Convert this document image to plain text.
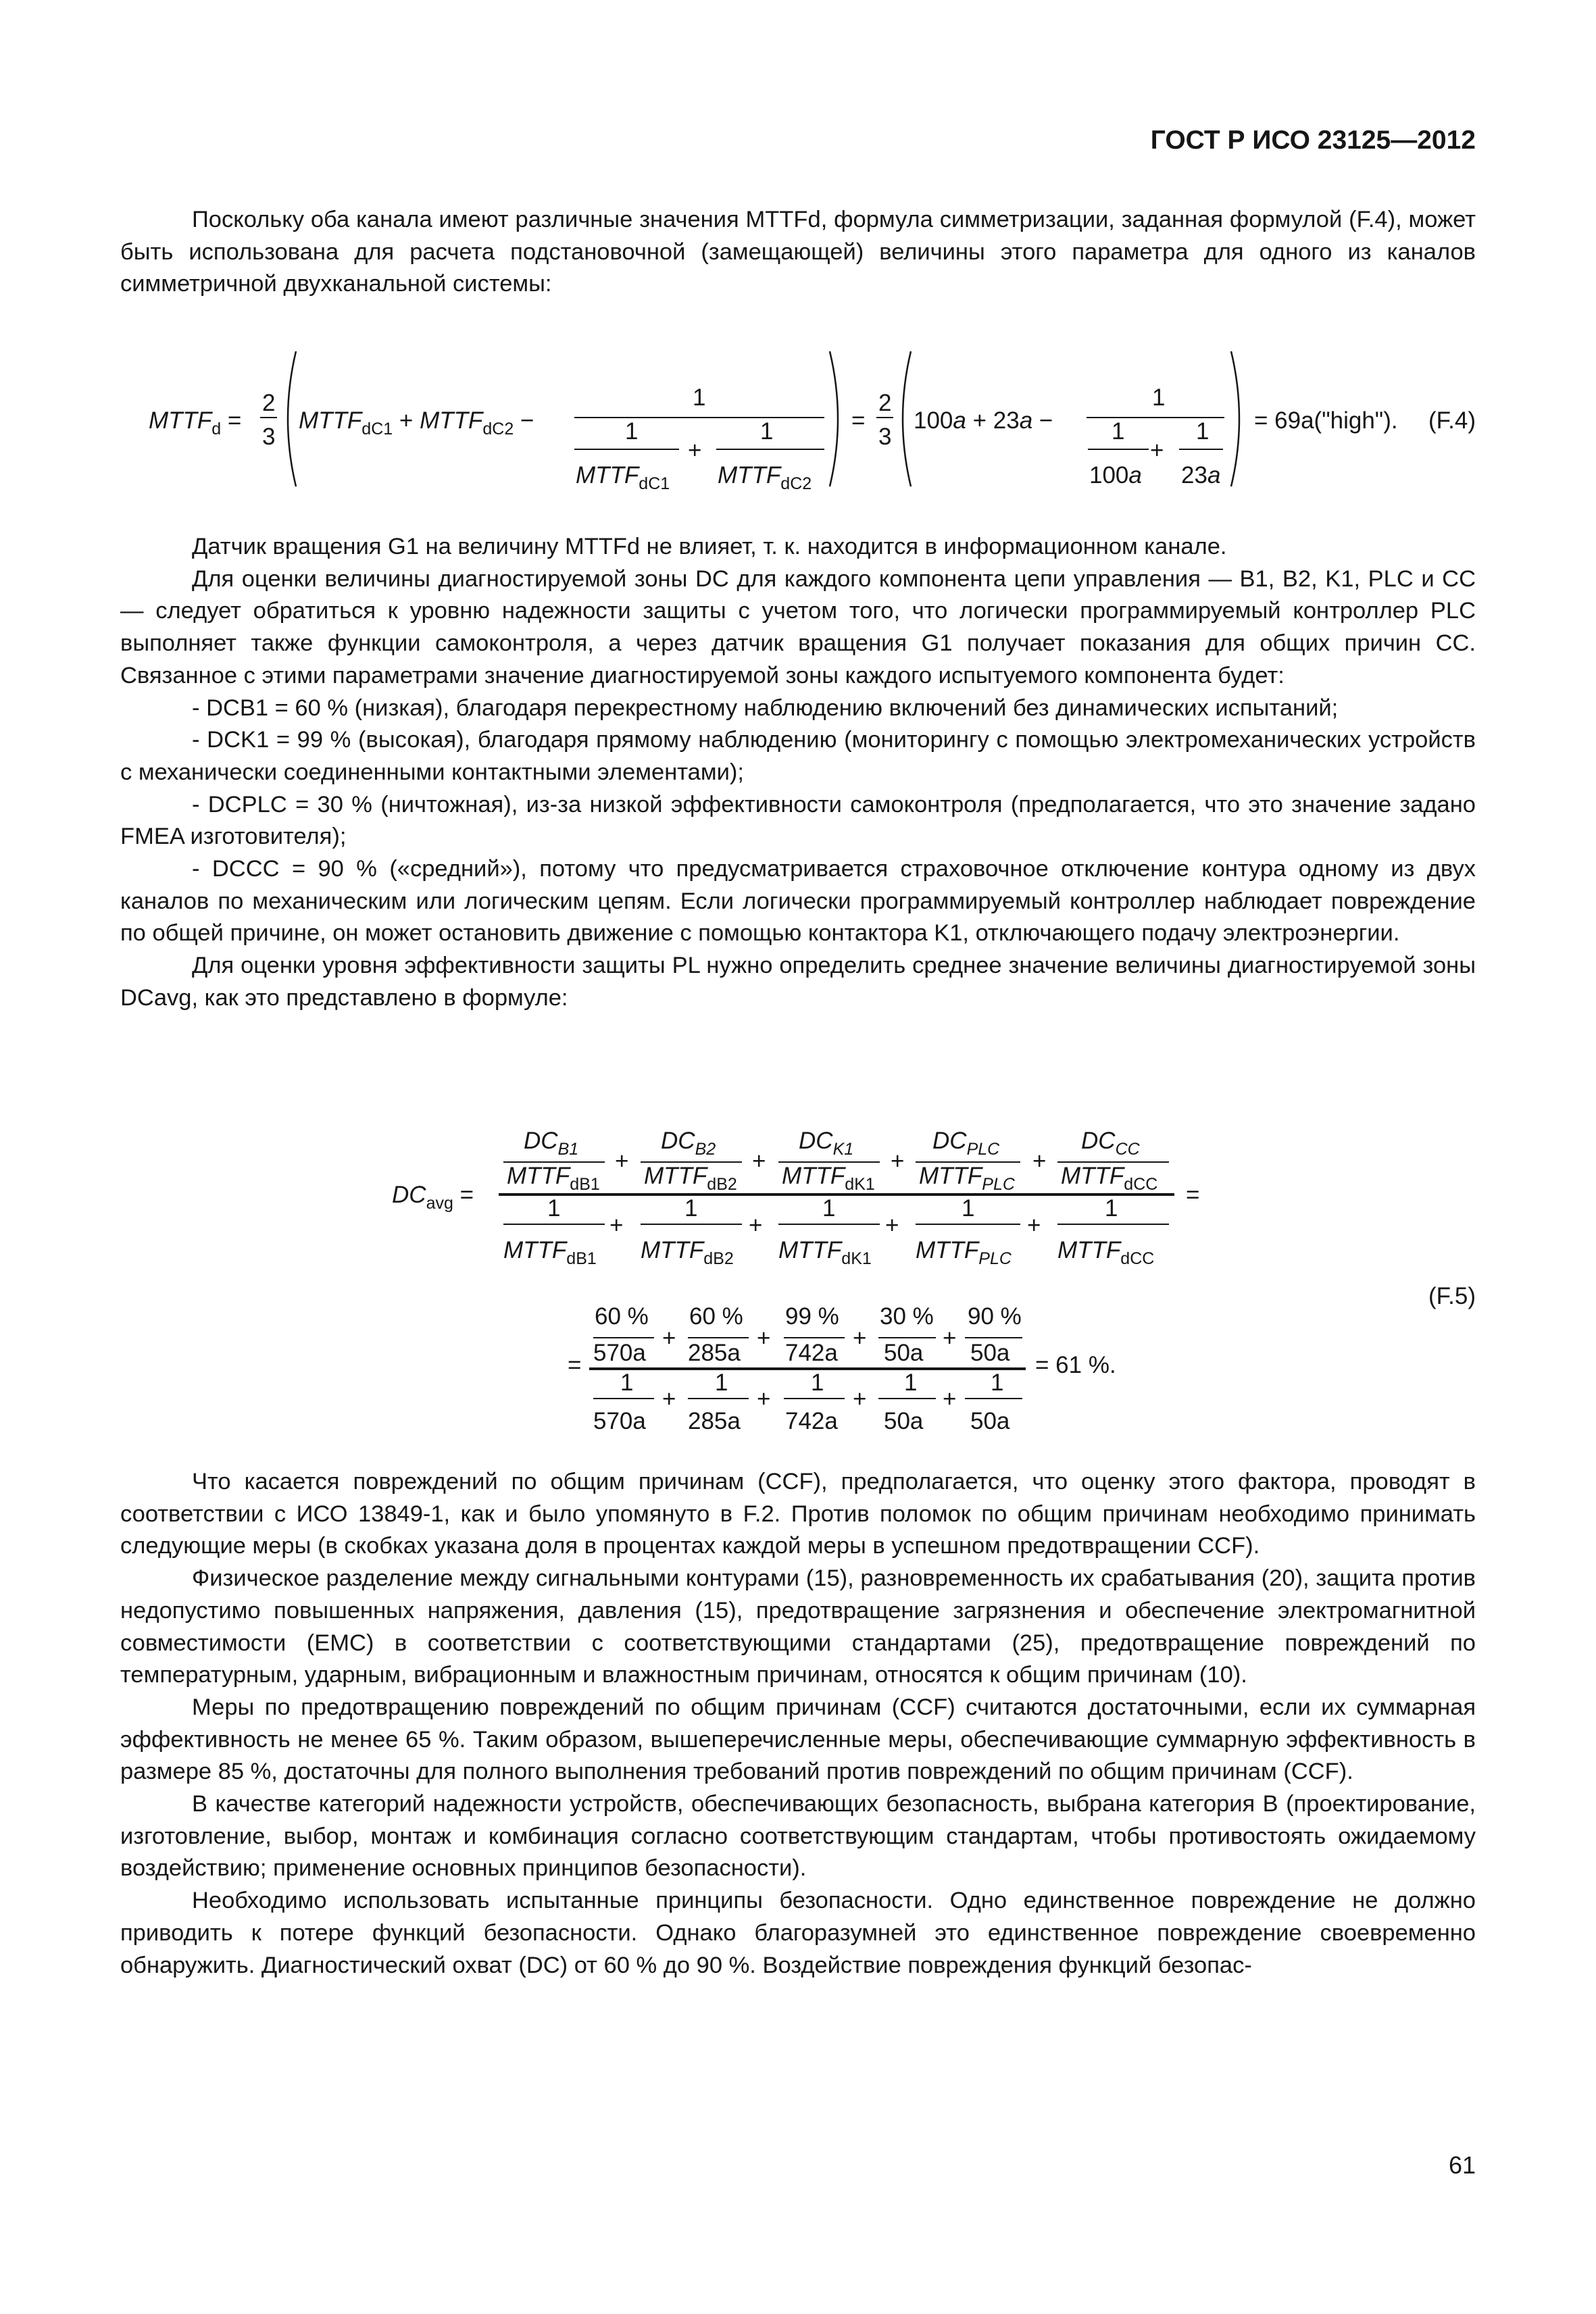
ГОСТ Р ИСО 23125—2012

Поскольку оба канала имеют различные значения MTTFd, формула симметризации, заданная формулой (F.4), может быть использована для расчета подстановочной (замещающей) величины этого параметра для одного из каналов симметричной двухканальной системы:

$MTTF_d$ =
2
3
$MTTF_{dC1}$ + $MTTF_{dC2}$ −
1
1
$MTTF_{dC1}$
+
1
$MTTF_{dC2}$
=
2
3
100a + 23a −
1
1
100a
+
1
23a
= 69a("high"). (F.4)

Датчик вращения G1 на величину MTTFd не влияет, т. к. находится в информационном канале.

Для оценки величины диагностируемой зоны DC для каждого компонента цепи управления — B1, B2, K1, PLC и CC — следует обратиться к уровню надежности защиты с учетом того, что логически программируемый контроллер PLC выполняет также функции самоконтроля, а через датчик вращения G1 получает показания для общих причин CC. Связанное с этими параметрами значение диагностируемой зоны каждого испытуемого компонента будет:

- DCB1 = 60 % (низкая), благодаря перекрестному наблюдению включений без динамических испытаний;

- DCK1 = 99 % (высокая), благодаря прямому наблюдению (мониторингу с помощью электромеханических устройств с механически соединенными контактными элементами);

- DCPLC = 30 % (ничтожная), из-за низкой эффективности самоконтроля (предполагается, что это значение задано FMEA изготовителя);

- DCCC = 90 % («средний»), потому что предусматривается страховочное отключение контура одному из двух каналов по механическим или логическим цепям. Если логически программируемый контроллер наблюдает повреждение по общей причине, он может остановить движение с помощью контактора K1, отключающего подачу электроэнергии.

Для оценки уровня эффективности защиты PL нужно определить среднее значение величины диагностируемой зоны DCavg, как это представлено в формуле:

$DC_{avg}$ =
$DC_{B1}$
$MTTF_{dB1}$
+
$DC_{B2}$
$MTTF_{dB2}$
+
$DC_{K1}$
$MTTF_{dK1}$
+
$DC_{PLC}$
$MTTF_{PLC}$
+
$DC_{CC}$
$MTTF_{dCC}$ =
1
$MTTF_{dB1}$
+
1
$MTTF_{dB2}$
+
1
$MTTF_{dK1}$
+
1
$MTTF_{PLC}$
+
1
$MTTF_{dCC}$
=
60 %
570a
+
60 %
285a
+
99 %
742a
+
30 %
50a
+
90 %
50a = 61 %.
1
570a
+
1
285a
+
1
742a
+
1
50a
+
1
50a
(F.5)

Что касается повреждений по общим причинам (CCF), предполагается, что оценку этого фактора, проводят в соответствии с ИСО 13849-1, как и было упомянуто в F.2. Против поломок по общим причинам необходимо принимать следующие меры (в скобках указана доля в процентах каждой меры в успешном предотвращении CCF).

Физическое разделение между сигнальными контурами (15), разновременность их срабатывания (20), защита против недопустимо повышенных напряжения, давления (15), предотвращение загрязнения и обеспечение электромагнитной совместимости (ЕМС) в соответствии с соответствующими стандартами (25), предотвращение повреждений по температурным, ударным, вибрационным и влажностным причинам, относятся к общим причинам (10).

Меры по предотвращению повреждений по общим причинам (CCF) считаются достаточными, если их суммарная эффективность не менее 65 %. Таким образом, вышеперечисленные меры, обеспечивающие суммарную эффективность в размере 85 %, достаточны для полного выполнения требований против повреждений по общим причинам (CCF).

В качестве категорий надежности устройств, обеспечивающих безопасность, выбрана категория B (проектирование, изготовление, выбор, монтаж и комбинация согласно соответствующим стандартам, чтобы противостоять ожидаемому воздействию; применение основных принципов безопасности).

Необходимо использовать испытанные принципы безопасности. Одно единственное повреждение не должно приводить к потере функций безопасности. Однако благоразумней это единственное повреждение своевременно обнаружить. Диагностический охват (DC) от 60 % до 90 %. Воздействие повреждения функций безопас-

61
